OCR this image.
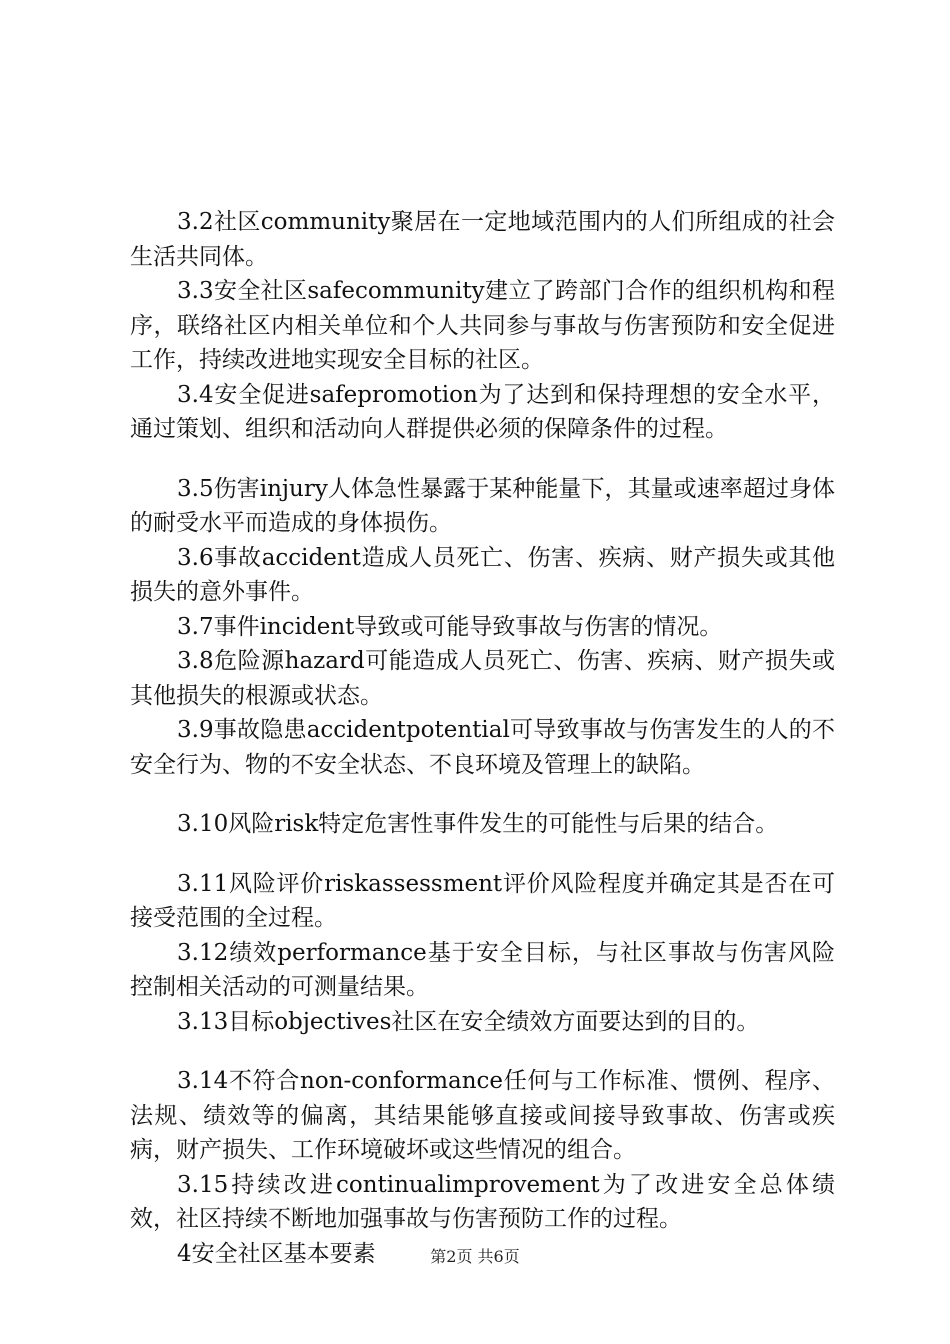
3.2社区community聚居在一定地域范围内的人们所组成的社会生活共同体。

3.3安全社区safecommunity建立了跨部门合作的组织机构和程序，联络社区内相关单位和个人共同参与事故与伤害预防和安全促进工作，持续改进地实现安全目标的社区。

3.4安全促进safepromotion为了达到和保持理想的安全水平，通过策划、组织和活动向人群提供必须的保障条件的过程。

3.5伤害injury人体急性暴露于某种能量下，其量或速率超过身体的耐受水平而造成的身体损伤。

3.6事故accident造成人员死亡、伤害、疾病、财产损失或其他损失的意外事件。

3.7事件incident导致或可能导致事故与伤害的情况。

3.8危险源hazard可能造成人员死亡、伤害、疾病、财产损失或其他损失的根源或状态。

3.9事故隐患accidentpotential可导致事故与伤害发生的人的不安全行为、物的不安全状态、不良环境及管理上的缺陷。

3.10风险risk特定危害性事件发生的可能性与后果的结合。

3.11风险评价riskassessment评价风险程度并确定其是否在可接受范围的全过程。

3.12绩效performance基于安全目标，与社区事故与伤害风险控制相关活动的可测量结果。

3.13目标objectives社区在安全绩效方面要达到的目的。

3.14不符合non-conformance任何与工作标准、惯例、程序、法规、绩效等的偏离，其结果能够直接或间接导致事故、伤害或疾病，财产损失、工作环境破坏或这些情况的组合。

3.15持续改进continualimprovement为了改进安全总体绩效，社区持续不断地加强事故与伤害预防工作的过程。

4安全社区基本要素	第2页 共6页
